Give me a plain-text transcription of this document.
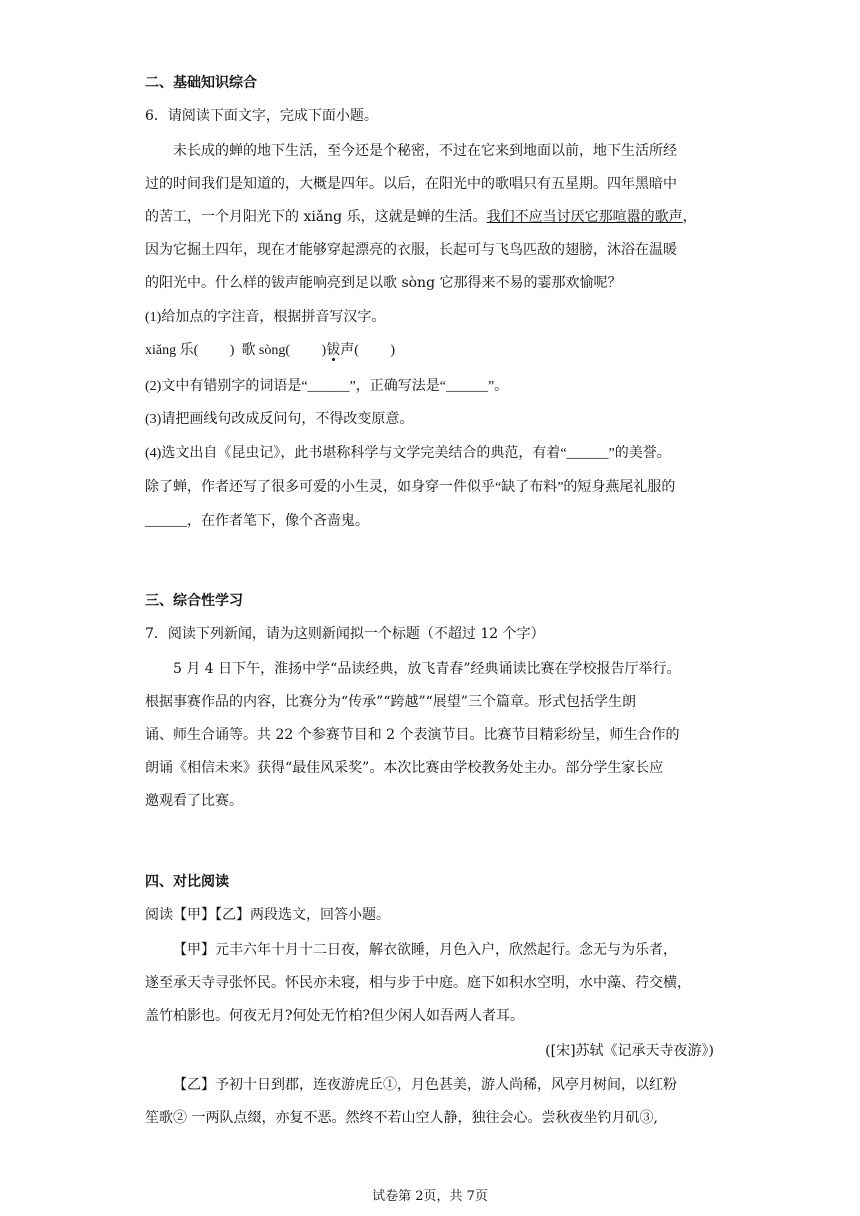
二、基础知识综合
6．请阅读下面文字，完成下面小题。
未长成的蝉的地下生活，至今还是个秘密，不过在它来到地面以前，地下生活所经
过的时间我们是知道的，大概是四年。以后，在阳光中的歌唱只有五星期。四年黑暗中
的苦工，一个月阳光下的 xiǎng 乐，这就是蝉的生活。我们不应当讨厌它那喧嚣的歌声，
因为它掘土四年，现在才能够穿起漂亮的衣服，长起可与飞鸟匹敌的翅膀，沐浴在温暖
的阳光中。什么样的钹声能响亮到足以歌 sòng 它那得来不易的霎那欢愉呢？
(1)给加点的字注音，根据拼音写汉字。
xiǎng 乐(         ) 歌 sòng(         )钹声(         )
(2)文中有错别字的词语是“______”，正确写法是“______”。
(3)请把画线句改成反问句，不得改变原意。
(4)选文出自《昆虫记》，此书堪称科学与文学完美结合的典范，有着“______”的美誉。
除了蝉，作者还写了很多可爱的小生灵，如身穿一件似乎“缺了布料”的短身燕尾礼服的
______，在作者笔下，像个吝啬鬼。
三、综合性学习
7．阅读下列新闻，请为这则新闻拟一个标题（不超过 12 个字）
5 月 4 日下午，淮扬中学“品读经典，放飞青春”经典诵读比赛在学校报告厅举行。
根据事赛作品的内容，比赛分为“传承”“跨越”“展望”三个篇章。形式包括学生朗
诵、师生合诵等。共 22 个参赛节目和 2 个表演节目。比赛节目精彩纷呈，师生合作的
朗诵《相信未来》获得“最佳风采奖”。本次比赛由学校教务处主办。部分学生家长应
邀观看了比赛。
四、对比阅读
阅读【甲】【乙】两段选文，回答小题。
【甲】元丰六年十月十二日夜，解衣欲睡，月色入户，欣然起行。念无与为乐者，
遂至承天寺寻张怀民。怀民亦未寝，相与步于中庭。庭下如积水空明，水中藻、荇交横，
盖竹柏影也。何夜无月?何处无竹柏?但少闲人如吾两人者耳。
([宋]苏轼《记承天寺夜游》)
【乙】予初十日到郡，连夜游虎丘①，月色甚美，游人尚稀，风亭月树间，以红粉
笙歌② 一两队点缀，亦复不恶。然终不若山空人静，独往会心。尝秋夜坐钓月矶③,
试卷第 2页，共 7页
